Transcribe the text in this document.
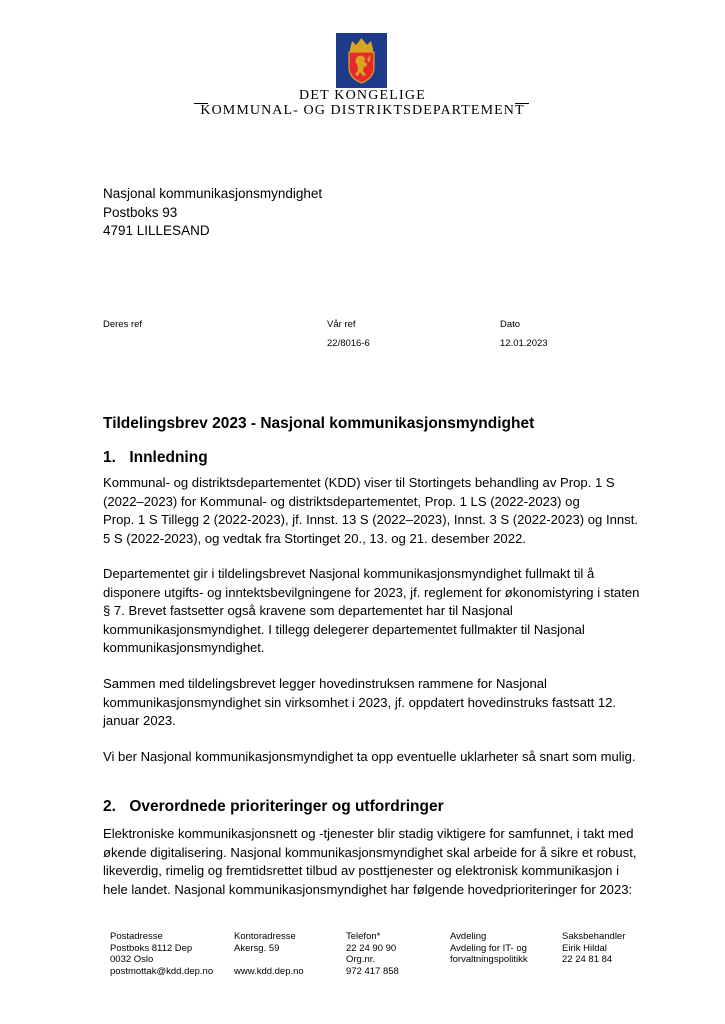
DET KONGELIGE
KOMMUNAL- OG DISTRIKTSDEPARTEMENT
Nasjonal kommunikasjonsmyndighet
Postboks 93
4791 LILLESAND
Deres ref	Vår ref
22/8016-6
Dato
12.01.2023
Tildelingsbrev 2023 - Nasjonal kommunikasjonsmyndighet
1. Innledning

Kommunal- og distriktsdepartementet (KDD) viser til Stortingets behandling av Prop. 1 S
(2022–2023) for Kommunal- og distriktsdepartementet, Prop. 1 LS (2022-2023) og
Prop. 1 S Tillegg 2 (2022-2023), jf. Innst. 13 S (2022–2023), Innst. 3 S (2022-2023) og Innst.
5 S (2022-2023), og vedtak fra Stortinget 20., 13. og 21. desember 2022.

Departementet gir i tildelingsbrevet Nasjonal kommunikasjonsmyndighet fullmakt til å
disponere utgifts- og inntektsbevilgningene for 2023, jf. reglement for økonomistyring i staten
§ 7. Brevet fastsetter også kravene som departementet har til Nasjonal
kommunikasjonsmyndighet. I tillegg delegerer departementet fullmakter til Nasjonal
kommunikasjonsmyndighet.

Sammen med tildelingsbrevet legger hovedinstruksen rammene for Nasjonal
kommunikasjonsmyndighet sin virksomhet i 2023, jf. oppdatert hovedinstruks fastsatt 12.
januar 2023.

Vi ber Nasjonal kommunikasjonsmyndighet ta opp eventuelle uklarheter så snart som mulig.

2. Overordnede prioriteringer og utfordringer

Elektroniske kommunikasjonsnett og -tjenester blir stadig viktigere for samfunnet, i takt med
økende digitalisering. Nasjonal kommunikasjonsmyndighet skal arbeide for å sikre et robust,
likeverdig, rimelig og fremtidsrettet tilbud av posttjenester og elektronisk kommunikasjon i
hele landet. Nasjonal kommunikasjonsmyndighet har følgende hovedprioriteringer for 2023:

Postadresse
Postboks 8112 Dep
0032 Oslo
postmottak@kdd.dep.no
Kontoradresse
Akersg. 59

www.kdd.dep.no
Telefon*
22 24 90 90
Org.nr.
972 417 858
Avdeling
Avdeling for IT- og
forvaltningspolitikk
Saksbehandler
Eirik Hildal
22 24 81 84
